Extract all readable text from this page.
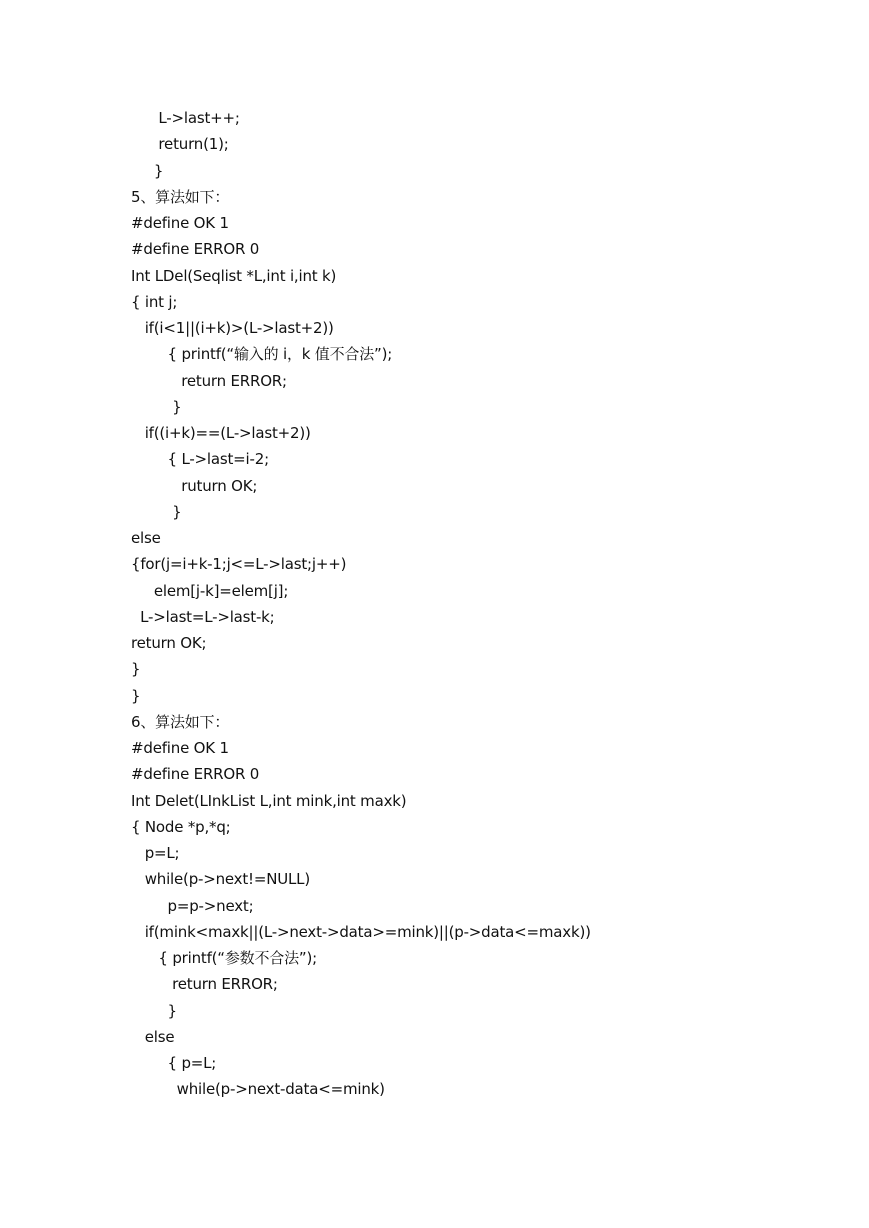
L->last++;
return(1);
}
5、算法如下：
#define OK 1
#define ERROR 0
Int LDel(Seqlist *L,int i,int k)
{ int j;
if(i<1||(i+k)>(L->last+2))
{ printf(“输入的 i，k 值不合法”);
return ERROR;
}
if((i+k)==(L->last+2))
{ L->last=i-2;
ruturn OK;
}
else
{for(j=i+k-1;j<=L->last;j++)
elem[j-k]=elem[j];
L->last=L->last-k;
return OK;
}
}
6、算法如下：
#define OK 1
#define ERROR 0
Int Delet(LInkList L,int mink,int maxk)
{ Node *p,*q;
p=L;
while(p->next!=NULL)
p=p->next;
if(mink<maxk||(L->next->data>=mink)||(p->data<=maxk))
{ printf(“参数不合法”);
return ERROR;
}
else
{ p=L;
while(p->next-data<=mink)
